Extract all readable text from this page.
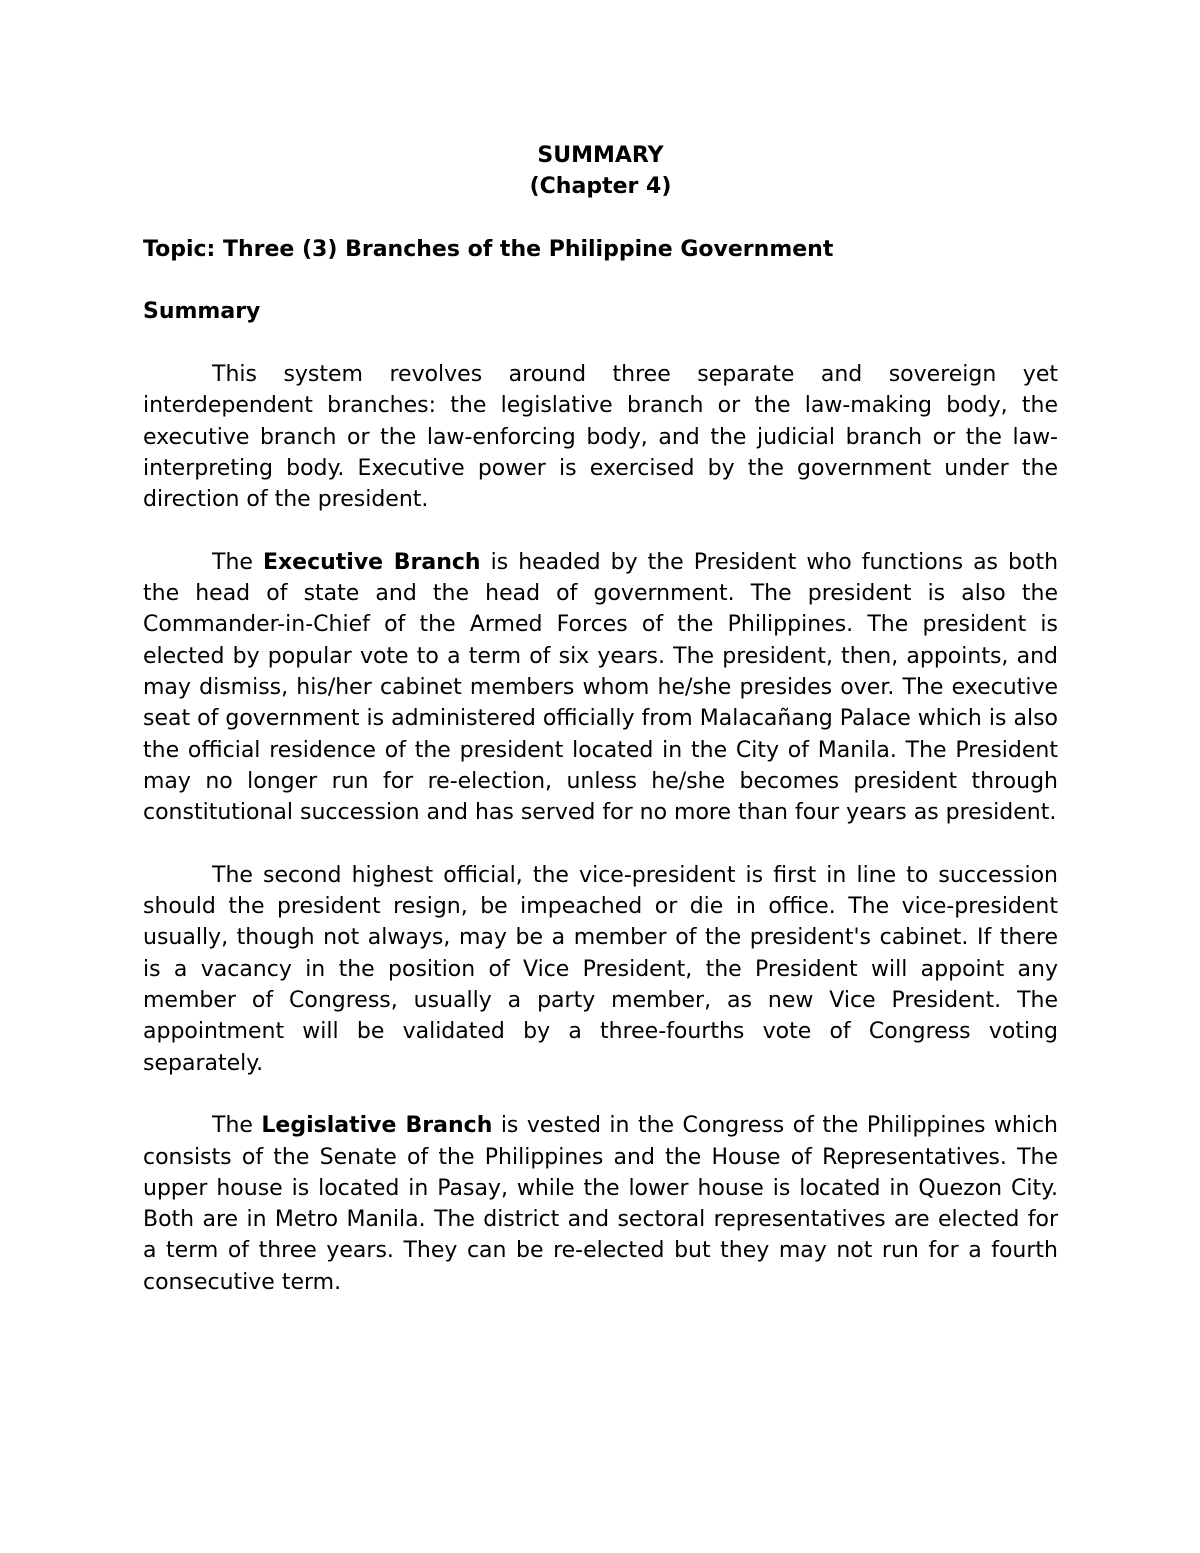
SUMMARY

(Chapter 4)

Topic: Three (3) Branches of the Philippine Government

Summary

This system revolves around three separate and sovereign yet interdependent branches: the legislative branch or the law-making body, the executive branch or the law-enforcing body, and the judicial branch or the law-interpreting body. Executive power is exercised by the government under the direction of the president.

The Executive Branch is headed by the President who functions as both the head of state and the head of government. The president is also the Commander-in-Chief of the Armed Forces of the Philippines. The president is elected by popular vote to a term of six years. The president, then, appoints, and may dismiss, his/her cabinet members whom he/she presides over. The executive seat of government is administered officially from Malacañang Palace which is also the official residence of the president located in the City of Manila. The President may no longer run for re-election, unless he/she becomes president through constitutional succession and has served for no more than four years as president.

The second highest official, the vice-president is first in line to succession should the president resign, be impeached or die in office. The vice-president usually, though not always, may be a member of the president's cabinet. If there is a vacancy in the position of Vice President, the President will appoint any member of Congress, usually a party member, as new Vice President. The appointment will be validated by a three-fourths vote of Congress voting separately.

The Legislative Branch is vested in the Congress of the Philippines which consists of the Senate of the Philippines and the House of Representatives. The upper house is located in Pasay, while the lower house is located in Quezon City. Both are in Metro Manila. The district and sectoral representatives are elected for a term of three years. They can be re-elected but they may not run for a fourth consecutive term.
